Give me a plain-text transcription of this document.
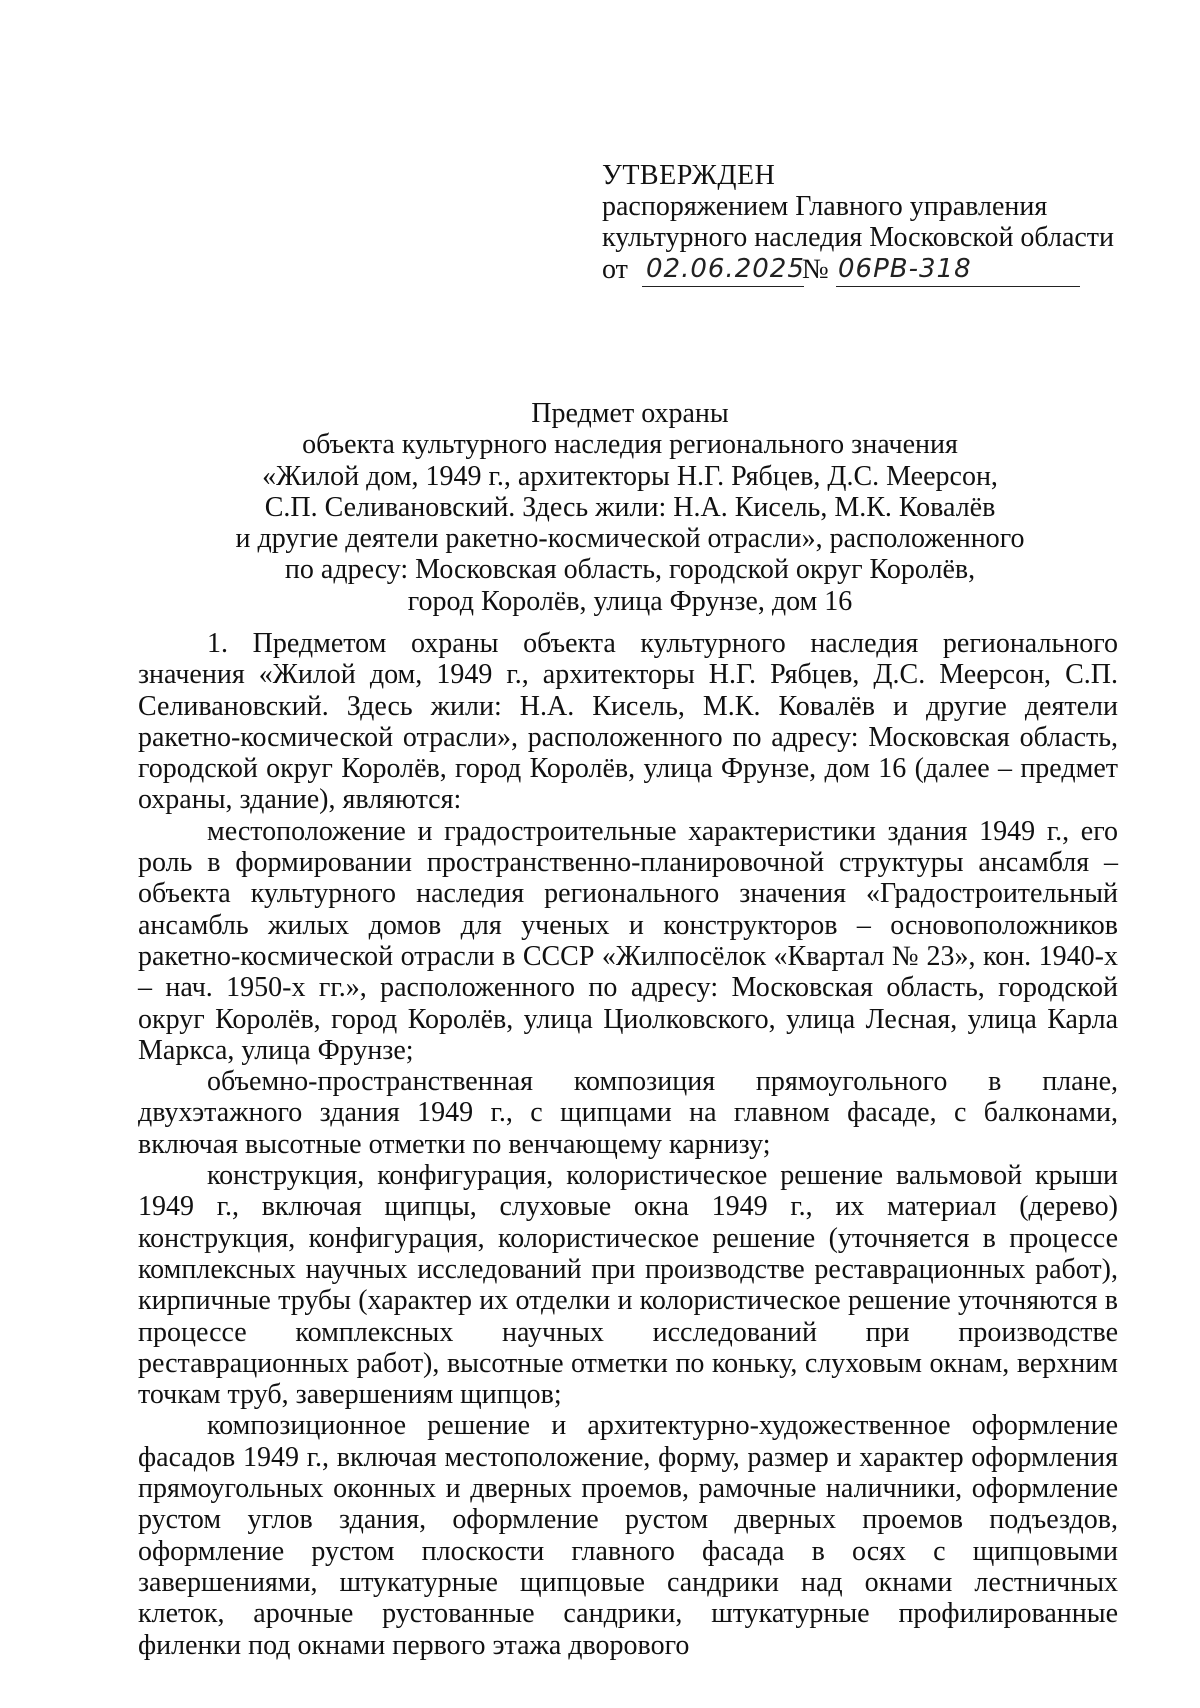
УТВЕРЖДЕН
распоряжением Главного управления
культурного наследия Московской области
от 02.06.2025
№ 06РВ-318
Предмет охраны
объекта культурного наследия регионального значения
«Жилой дом, 1949 г., архитекторы Н.Г. Рябцев, Д.С. Меерсон,
С.П. Селивановский. Здесь жили: Н.А. Кисель, М.К. Ковалёв
и другие деятели ракетно-космической отрасли», расположенного
по адресу: Московская область, городской округ Королёв,
город Королёв, улица Фрунзе, дом 16

1. Предметом охраны объекта культурного наследия регионального значения «Жилой дом, 1949 г., архитекторы Н.Г. Рябцев, Д.С. Меерсон, С.П. Селивановский. Здесь жили: Н.А. Кисель, М.К. Ковалёв и другие деятели ракетно-космической отрасли», расположенного по адресу: Московская область, городской округ Королёв, город Королёв, улица Фрунзе, дом 16 (далее – предмет охраны, здание), являются:

местоположение и градостроительные характеристики здания 1949 г., его роль в формировании пространственно-планировочной структуры ансамбля – объекта культурного наследия регионального значения «Градостроительный ансамбль жилых домов для ученых и конструкторов – основоположников ракетно-космической отрасли в СССР «Жилпосёлок «Квартал № 23», кон. 1940-х – нач. 1950-х гг.», расположенного по адресу: Московская область, городской округ Королёв, город Королёв, улица Циолковского, улица Лесная, улица Карла Маркса, улица Фрунзе;

объемно-пространственная композиция прямоугольного в плане, двухэтажного здания 1949 г., с щипцами на главном фасаде, с балконами, включая высотные отметки по венчающему карнизу;

конструкция, конфигурация, колористическое решение вальмовой крыши 1949 г., включая щипцы, слуховые окна 1949 г., их материал (дерево) конструкция, конфигурация, колористическое решение (уточняется в процессе комплексных научных исследований при производстве реставрационных работ), кирпичные трубы (характер их отделки и колористическое решение уточняются в процессе комплексных научных исследований при производстве реставрационных работ), высотные отметки по коньку, слуховым окнам, верхним точкам труб, завершениям щипцов;

композиционное решение и архитектурно-художественное оформление фасадов 1949 г., включая местоположение, форму, размер и характер оформления прямоугольных оконных и дверных проемов, рамочные наличники, оформление рустом углов здания, оформление рустом дверных проемов подъездов, оформление рустом плоскости главного фасада в осях с щипцовыми завершениями, штукатурные щипцовые сандрики над окнами лестничных клеток, арочные рустованные сандрики, штукатурные профилированные филенки под окнами первого этажа дворового
